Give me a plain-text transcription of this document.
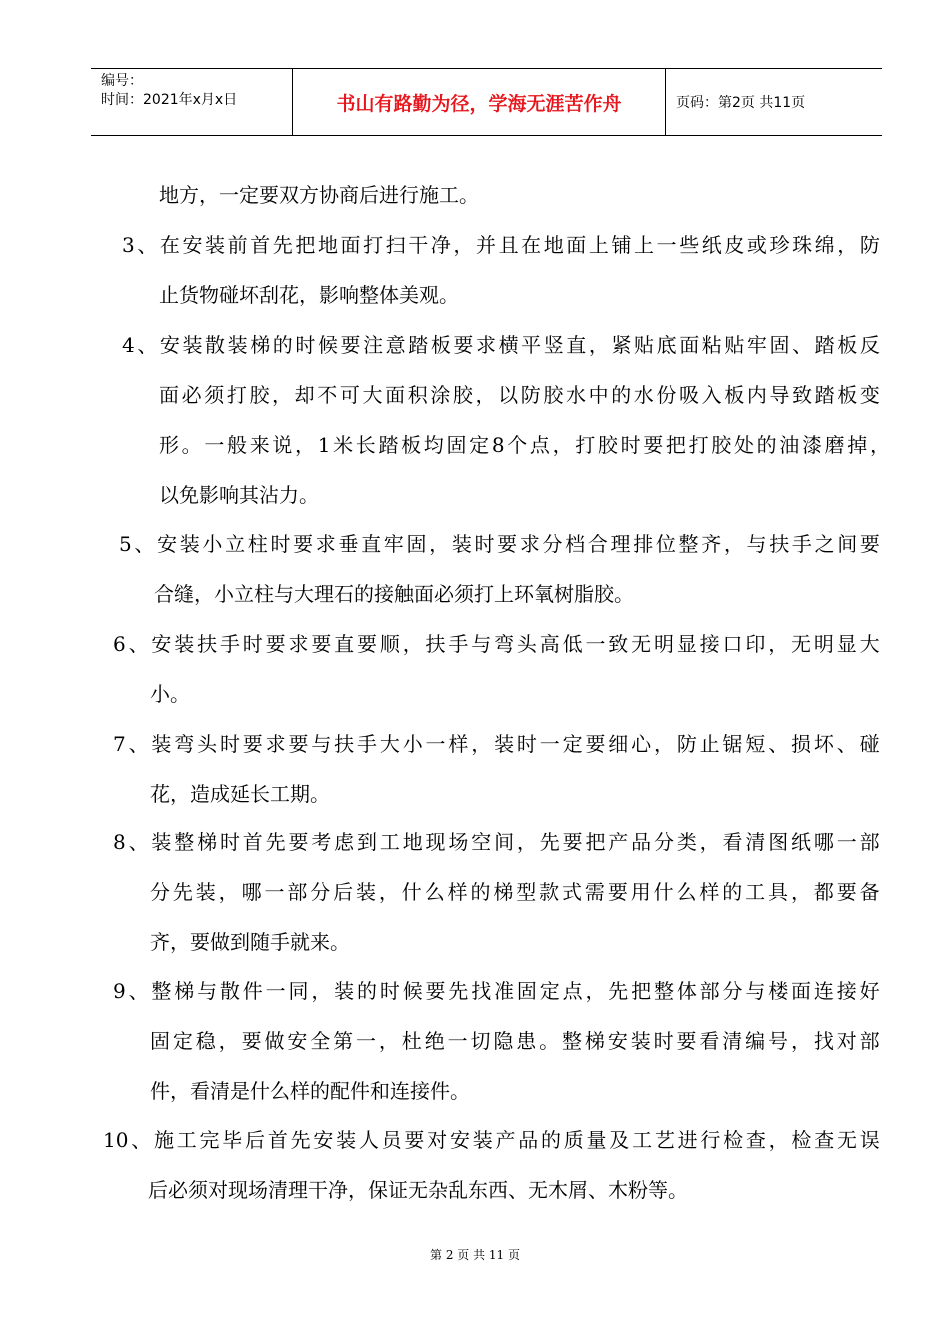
编号：
时间：2021年x月x日	书山有路勤为径，学海无涯苦作舟	页码：第2页 共11页
地方，一定要双方协商后进行施工。
3 、 在 安 装 前 首 先 把 地 面 打 扫 干 净 ， 并 且 在 地 面 上 铺 上 一 些 纸 皮 或 珍 珠 绵 ， 防
止货物碰坏刮花，影响整体美观。
4 、 安 装 散 装 梯 的 时 候 要 注 意 踏 板 要 求 横 平 竖 直 ， 紧 贴 底 面 粘 贴 牢 固 、 踏 板 反
面 必 须 打 胶 ， 却 不 可 大 面 积 涂 胶 ， 以 防 胶 水 中 的 水 份 吸 入 板 内 导 致 踏 板 变
形 。 一 般 来 说 ， 1 米 长 踏 板 均 固 定 8 个 点 ， 打 胶 时 要 把 打 胶 处 的 油 漆 磨 掉 ，
以免影响其沾力。
5 、 安 装 小 立 柱 时 要 求 垂 直 牢 固 ， 装 时 要 求 分 档 合 理 排 位 整 齐 ， 与 扶 手 之 间 要
合缝，小立柱与大理石的接触面必须打上环氧树脂胶。
6 、 安 装 扶 手 时 要 求 要 直 要 顺 ， 扶 手 与 弯 头 高 低 一 致 无 明 显 接 口 印 ， 无 明 显 大
小。
7 、 装 弯 头 时 要 求 要 与 扶 手 大 小 一 样 ， 装 时 一 定 要 细 心 ， 防 止 锯 短 、 损 坏 、 碰
花，造成延长工期。
8 、 装 整 梯 时 首 先 要 考 虑 到 工 地 现 场 空 间 ， 先 要 把 产 品 分 类 ， 看 清 图 纸 哪 一 部
分 先 装 ， 哪 一 部 分 后 装 ， 什 么 样 的 梯 型 款 式 需 要 用 什 么 样 的 工 具 ， 都 要 备
齐，要做到随手就来。
9 、 整 梯 与 散 件 一 同 ， 装 的 时 候 要 先 找 准 固 定 点 ， 先 把 整 体 部 分 与 楼 面 连 接 好
固 定 稳 ， 要 做 安 全 第 一 ， 杜 绝 一 切 隐 患 。 整 梯 安 装 时 要 看 清 编 号 ， 找 对 部
件，看清是什么样的配件和连接件。
10 、 施 工 完 毕 后 首 先 安 装 人 员 要 对 安 装 产 品 的 质 量 及 工 艺 进 行 检 查 ， 检 查 无 误
后必须对现场清理干净，保证无杂乱东西、无木屑、木粉等。
第 2 页 共 11 页
